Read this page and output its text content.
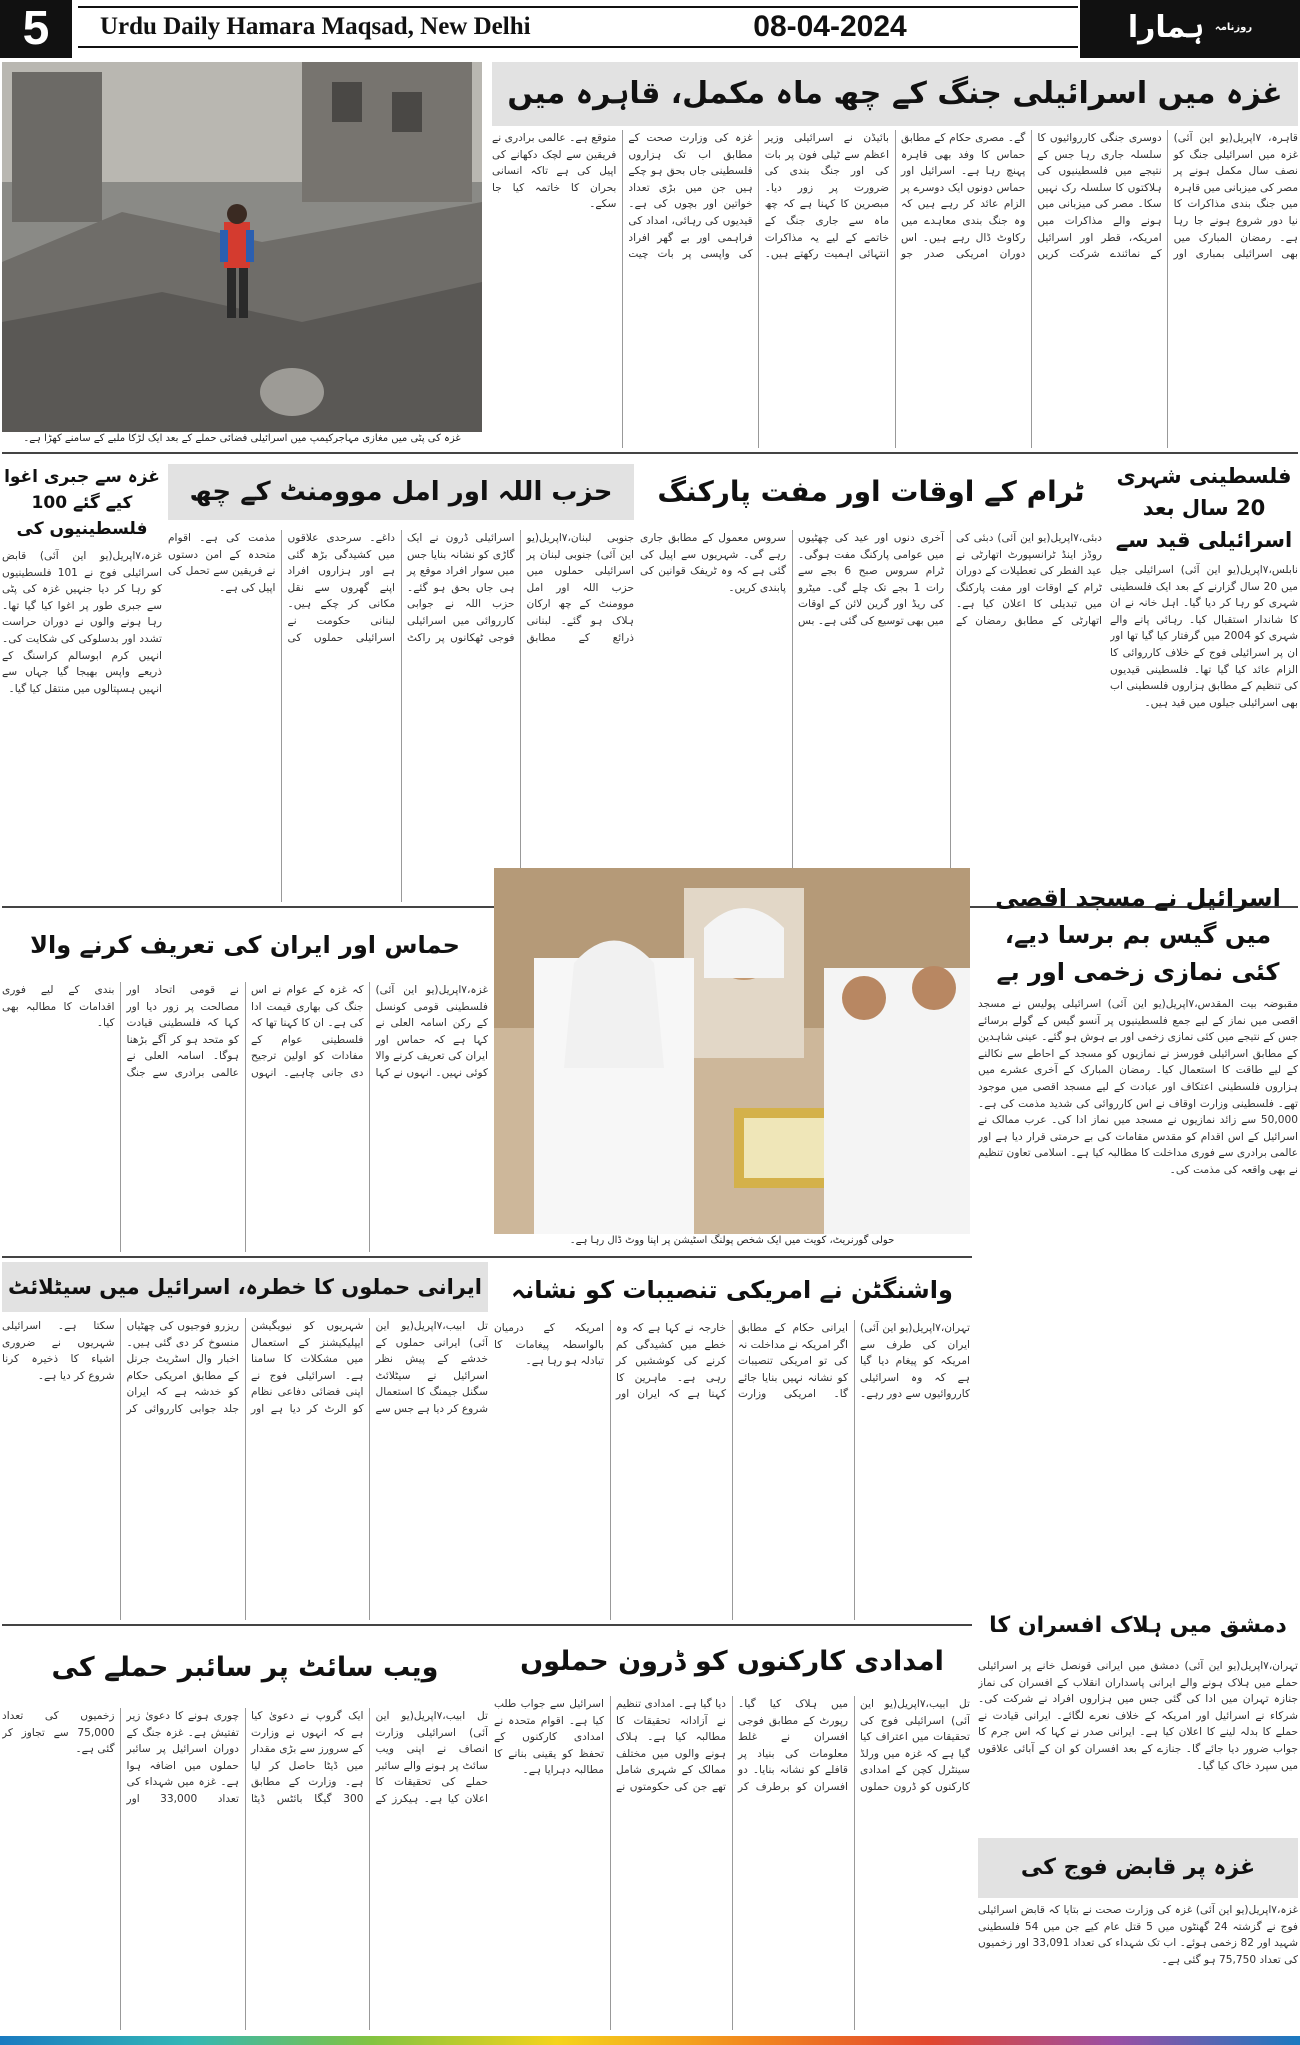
5	Urdu Daily Hamara Maqsad, New Delhi	08-04-2024	$^{روزنامہ}$ ہمارا
غزہ کی پٹی میں مغازی مہاجرکیمپ میں اسرائیلی فضائی حملے کے بعد ایک لڑکا ملبے کے سامنے کھڑا ہے۔
غزہ میں اسرائیلی جنگ کے چھ ماہ مکمل، قاہرہ میں
قاہرہ، ۷اپریل(یو این آئی) غزہ میں اسرائیلی جنگ کو نصف سال مکمل ہونے پر مصر کی میزبانی میں قاہرہ میں جنگ بندی مذاکرات کا نیا دور شروع ہونے جا رہا ہے۔ رمضان المبارک میں بھی اسرائیلی بمباری اور دوسری جنگی کارروائیوں کا سلسلہ جاری رہا جس کے نتیجے میں فلسطینیوں کی ہلاکتوں کا سلسلہ رک نہیں سکا۔ مصر کی میزبانی میں ہونے والے مذاکرات میں امریکہ، قطر اور اسرائیل کے نمائندے شرکت کریں گے۔ مصری حکام کے مطابق حماس کا وفد بھی قاہرہ پہنچ رہا ہے۔ اسرائیل اور حماس دونوں ایک دوسرے پر الزام عائد کر رہے ہیں کہ وہ جنگ بندی معاہدے میں رکاوٹ ڈال رہے ہیں۔ اس دوران امریکی صدر جو بائیڈن نے اسرائیلی وزیر اعظم سے ٹیلی فون پر بات کی اور جنگ بندی کی ضرورت پر زور دیا۔ مبصرین کا کہنا ہے کہ چھ ماہ سے جاری جنگ کے خاتمے کے لیے یہ مذاکرات انتہائی اہمیت رکھتے ہیں۔ غزہ کی وزارت صحت کے مطابق اب تک ہزاروں فلسطینی جاں بحق ہو چکے ہیں جن میں بڑی تعداد خواتین اور بچوں کی ہے۔ قیدیوں کی رہائی، امداد کی فراہمی اور بے گھر افراد کی واپسی پر بات چیت متوقع ہے۔ عالمی برادری نے فریقین سے لچک دکھانے کی اپیل کی ہے تاکہ انسانی بحران کا خاتمہ کیا جا سکے۔
فلسطینی شہری 20 سال بعد اسرائیلی قید سے
نابلس،۷اپریل(یو این آئی) اسرائیلی جیل میں 20 سال گزارنے کے بعد ایک فلسطینی شہری کو رہا کر دیا گیا۔ اہل خانہ نے ان کا شاندار استقبال کیا۔ رہائی پانے والے شہری کو 2004 میں گرفتار کیا گیا تھا اور ان پر اسرائیلی فوج کے خلاف کارروائی کا الزام عائد کیا گیا تھا۔ فلسطینی قیدیوں کی تنظیم کے مطابق ہزاروں فلسطینی اب بھی اسرائیلی جیلوں میں قید ہیں۔
ٹرام کے اوقات اور مفت پارکنگ
دبئی،۷اپریل(یو این آئی) دبئی کی روڈز اینڈ ٹرانسپورٹ اتھارٹی نے عید الفطر کی تعطیلات کے دوران ٹرام کے اوقات اور مفت پارکنگ میں تبدیلی کا اعلان کیا ہے۔ اتھارٹی کے مطابق رمضان کے آخری دنوں اور عید کی چھٹیوں میں عوامی پارکنگ مفت ہوگی۔ ٹرام سروس صبح 6 بجے سے رات 1 بجے تک چلے گی۔ میٹرو کی ریڈ اور گرین لائن کے اوقات میں بھی توسیع کی گئی ہے۔ بس سروس معمول کے مطابق جاری رہے گی۔ شہریوں سے اپیل کی گئی ہے کہ وہ ٹریفک قوانین کی پابندی کریں۔
حزب اللہ اور امل موومنٹ کے چھ
جنوبی لبنان،۷اپریل(یو این آئی) جنوبی لبنان پر اسرائیلی حملوں میں حزب اللہ اور امل موومنٹ کے چھ ارکان ہلاک ہو گئے۔ لبنانی ذرائع کے مطابق اسرائیلی ڈرون نے ایک گاڑی کو نشانہ بنایا جس میں سوار افراد موقع پر ہی جاں بحق ہو گئے۔ حزب اللہ نے جوابی کارروائی میں اسرائیلی فوجی ٹھکانوں پر راکٹ داغے۔ سرحدی علاقوں میں کشیدگی بڑھ گئی ہے اور ہزاروں افراد اپنے گھروں سے نقل مکانی کر چکے ہیں۔ لبنانی حکومت نے اسرائیلی حملوں کی مذمت کی ہے۔ اقوام متحدہ کے امن دستوں نے فریقین سے تحمل کی اپیل کی ہے۔
غزہ سے جبری اغوا کیے گئے 100 فلسطینیوں کی
غزہ،۷اپریل(یو این آئی) قابض اسرائیلی فوج نے 101 فلسطینیوں کو رہا کر دیا جنہیں غزہ کی پٹی سے جبری طور پر اغوا کیا گیا تھا۔ رہا ہونے والوں نے دوران حراست تشدد اور بدسلوکی کی شکایت کی۔ انہیں کرم ابوسالم کراسنگ کے ذریعے واپس بھیجا گیا جہاں سے انہیں ہسپتالوں میں منتقل کیا گیا۔
حماس اور ایران کی تعریف کرنے والا
غزہ،۷اپریل(یو این آئی) فلسطینی قومی کونسل کے رکن اسامہ العلی نے کہا ہے کہ حماس اور ایران کی تعریف کرنے والا کوئی نہیں۔ انہوں نے کہا کہ غزہ کے عوام نے اس جنگ کی بھاری قیمت ادا کی ہے۔ ان کا کہنا تھا کہ فلسطینی عوام کے مفادات کو اولین ترجیح دی جانی چاہیے۔ انہوں نے قومی اتحاد اور مصالحت پر زور دیا اور کہا کہ فلسطینی قیادت کو متحد ہو کر آگے بڑھنا ہوگا۔ اسامہ العلی نے عالمی برادری سے جنگ بندی کے لیے فوری اقدامات کا مطالبہ بھی کیا۔
حولی گورنریٹ، کویت میں ایک شخص پولنگ اسٹیشن پر اپنا ووٹ ڈال رہا ہے۔
اسرائیل نے مسجد اقصی میں گیس بم برسا دیے، کئی نمازی زخمی اور بے
مقبوضہ بیت المقدس،۷اپریل(یو این آئی) اسرائیلی پولیس نے مسجد اقصی میں نماز کے لیے جمع فلسطینیوں پر آنسو گیس کے گولے برسائے جس کے نتیجے میں کئی نمازی زخمی اور بے ہوش ہو گئے۔ عینی شاہدین کے مطابق اسرائیلی فورسز نے نمازیوں کو مسجد کے احاطے سے نکالنے کے لیے طاقت کا استعمال کیا۔ رمضان المبارک کے آخری عشرے میں ہزاروں فلسطینی اعتکاف اور عبادت کے لیے مسجد اقصی میں موجود تھے۔ فلسطینی وزارت اوقاف نے اس کارروائی کی شدید مذمت کی ہے۔ 50,000 سے زائد نمازیوں نے مسجد میں نماز ادا کی۔ عرب ممالک نے اسرائیل کے اس اقدام کو مقدس مقامات کی بے حرمتی قرار دیا ہے اور عالمی برادری سے فوری مداخلت کا مطالبہ کیا ہے۔ اسلامی تعاون تنظیم نے بھی واقعہ کی مذمت کی۔
ایرانی حملوں کا خطرہ، اسرائیل میں سیٹلائٹ
تل ابیب،۷اپریل(یو این آئی) ایرانی حملوں کے خدشے کے پیش نظر اسرائیل نے سیٹلائٹ سگنل جیمنگ کا استعمال شروع کر دیا ہے جس سے شہریوں کو نیویگیشن ایپلیکیشنز کے استعمال میں مشکلات کا سامنا ہے۔ اسرائیلی فوج نے اپنی فضائی دفاعی نظام کو الرٹ کر دیا ہے اور ریزرو فوجیوں کی چھٹیاں منسوخ کر دی گئی ہیں۔ اخبار وال اسٹریٹ جرنل کے مطابق امریکی حکام کو خدشہ ہے کہ ایران جلد جوابی کارروائی کر سکتا ہے۔ اسرائیلی شہریوں نے ضروری اشیاء کا ذخیرہ کرنا شروع کر دیا ہے۔
واشنگٹن نے امریکی تنصیبات کو نشانہ
تہران،۷اپریل(یو این آئی) ایران کی طرف سے امریکہ کو پیغام دیا گیا ہے کہ وہ اسرائیلی کارروائیوں سے دور رہے۔ ایرانی حکام کے مطابق اگر امریکہ نے مداخلت نہ کی تو امریکی تنصیبات کو نشانہ نہیں بنایا جائے گا۔ امریکی وزارت خارجہ نے کہا ہے کہ وہ خطے میں کشیدگی کم کرنے کی کوششیں کر رہی ہے۔ ماہرین کا کہنا ہے کہ ایران اور امریکہ کے درمیان بالواسطہ پیغامات کا تبادلہ ہو رہا ہے۔
دمشق میں ہلاک افسران کا
تہران،۷اپریل(یو این آئی) دمشق میں ایرانی قونصل خانے پر اسرائیلی حملے میں ہلاک ہونے والے ایرانی پاسداران انقلاب کے افسران کی نماز جنازہ تہران میں ادا کی گئی جس میں ہزاروں افراد نے شرکت کی۔ شرکاء نے اسرائیل اور امریکہ کے خلاف نعرے لگائے۔ ایرانی قیادت نے حملے کا بدلہ لینے کا اعلان کیا ہے۔ ایرانی صدر نے کہا کہ اس جرم کا جواب ضرور دیا جائے گا۔ جنازے کے بعد افسران کو ان کے آبائی علاقوں میں سپرد خاک کیا گیا۔
غزہ پر قابض فوج کی
غزہ،۷اپریل(یو این آئی) غزہ کی وزارت صحت نے بتایا کہ قابض اسرائیلی فوج نے گزشتہ 24 گھنٹوں میں 5 قتل عام کیے جن میں 54 فلسطینی شہید اور 82 زخمی ہوئے۔ اب تک شہداء کی تعداد 33,091 اور زخمیوں کی تعداد 75,750 ہو گئی ہے۔
امدادی کارکنوں کو ڈرون حملوں
تل ابیب،۷اپریل(یو این آئی) اسرائیلی فوج کی تحقیقات میں اعتراف کیا گیا ہے کہ غزہ میں ورلڈ سینٹرل کچن کے امدادی کارکنوں کو ڈرون حملوں میں ہلاک کیا گیا۔ رپورٹ کے مطابق فوجی افسران نے غلط معلومات کی بنیاد پر قافلے کو نشانہ بنایا۔ دو افسران کو برطرف کر دیا گیا ہے۔ امدادی تنظیم نے آزادانہ تحقیقات کا مطالبہ کیا ہے۔ ہلاک ہونے والوں میں مختلف ممالک کے شہری شامل تھے جن کی حکومتوں نے اسرائیل سے جواب طلب کیا ہے۔ اقوام متحدہ نے امدادی کارکنوں کے تحفظ کو یقینی بنانے کا مطالبہ دہرایا ہے۔
ویب سائٹ پر سائبر حملے کی
تل ابیب،۷اپریل(یو این آئی) اسرائیلی وزارت انصاف نے اپنی ویب سائٹ پر ہونے والے سائبر حملے کی تحقیقات کا اعلان کیا ہے۔ ہیکرز کے ایک گروپ نے دعویٰ کیا ہے کہ انہوں نے وزارت کے سرورز سے بڑی مقدار میں ڈیٹا حاصل کر لیا ہے۔ وزارت کے مطابق 300 گیگا بائٹس ڈیٹا چوری ہونے کا دعویٰ زیر تفتیش ہے۔ غزہ جنگ کے دوران اسرائیل پر سائبر حملوں میں اضافہ ہوا ہے۔ غزہ میں شہداء کی تعداد 33,000 اور زخمیوں کی تعداد 75,000 سے تجاوز کر گئی ہے۔
